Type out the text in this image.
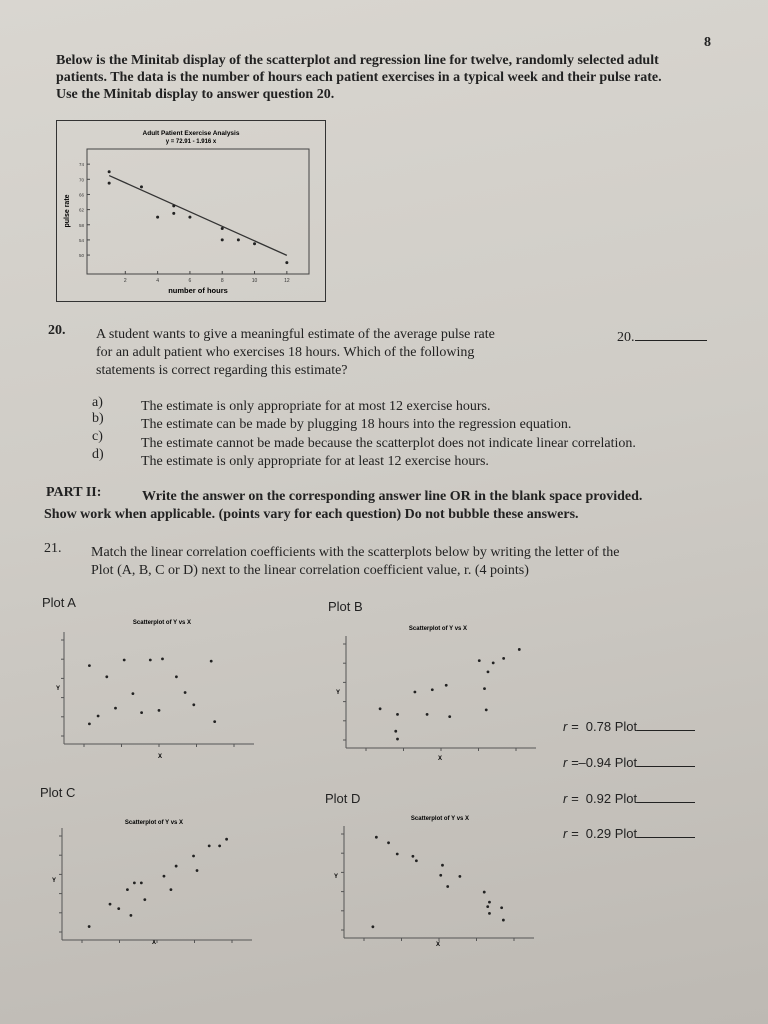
8
Below is the Minitab display of the scatterplot and regression line for twelve, randomly selected adult
patients. The data is the number of hours each patient exercises in a typical week and their pulse rate.
Use the Minitab display to answer question 20.
Adult Patient Exercise Analysis
y = 72.91 - 1.916 x
pulse rate
number of hours
2	4	6	8	10	12
74
70
66
62
58
54
50
20. A student wants to give a meaningful estimate of the average pulse rate
for an adult patient who exercises 18 hours. Which of the following
statements is correct regarding this estimate?
20.
a)	The estimate is only appropriate for at most 12 exercise hours.
b)	The estimate can be made by plugging 18 hours into the regression equation.
c)	The estimate cannot be made because the scatterplot does not indicate linear correlation.
d)	The estimate is only appropriate for at least 12 exercise hours.
PART II:	Write the answer on the corresponding answer line OR in the blank space provided.
Show work when applicable. (points vary for each question) Do not bubble these answers.
21. Match the linear correlation coefficients with the scatterplots below by writing the letter of the
Plot (A, B, C or D) next to the linear correlation coefficient value, r. (4 points)
Plot A	Plot B
Plot C	Plot D
Scatterplot of Y vs X
Y
X
Scatterplot of Y vs X
Y
X
Scatterplot of Y vs X
Y
X
Scatterplot of Y vs X
Y
X
r = 0.78 Plot
r =–0.94 Plot
r = 0.92 Plot
r = 0.29 Plot
